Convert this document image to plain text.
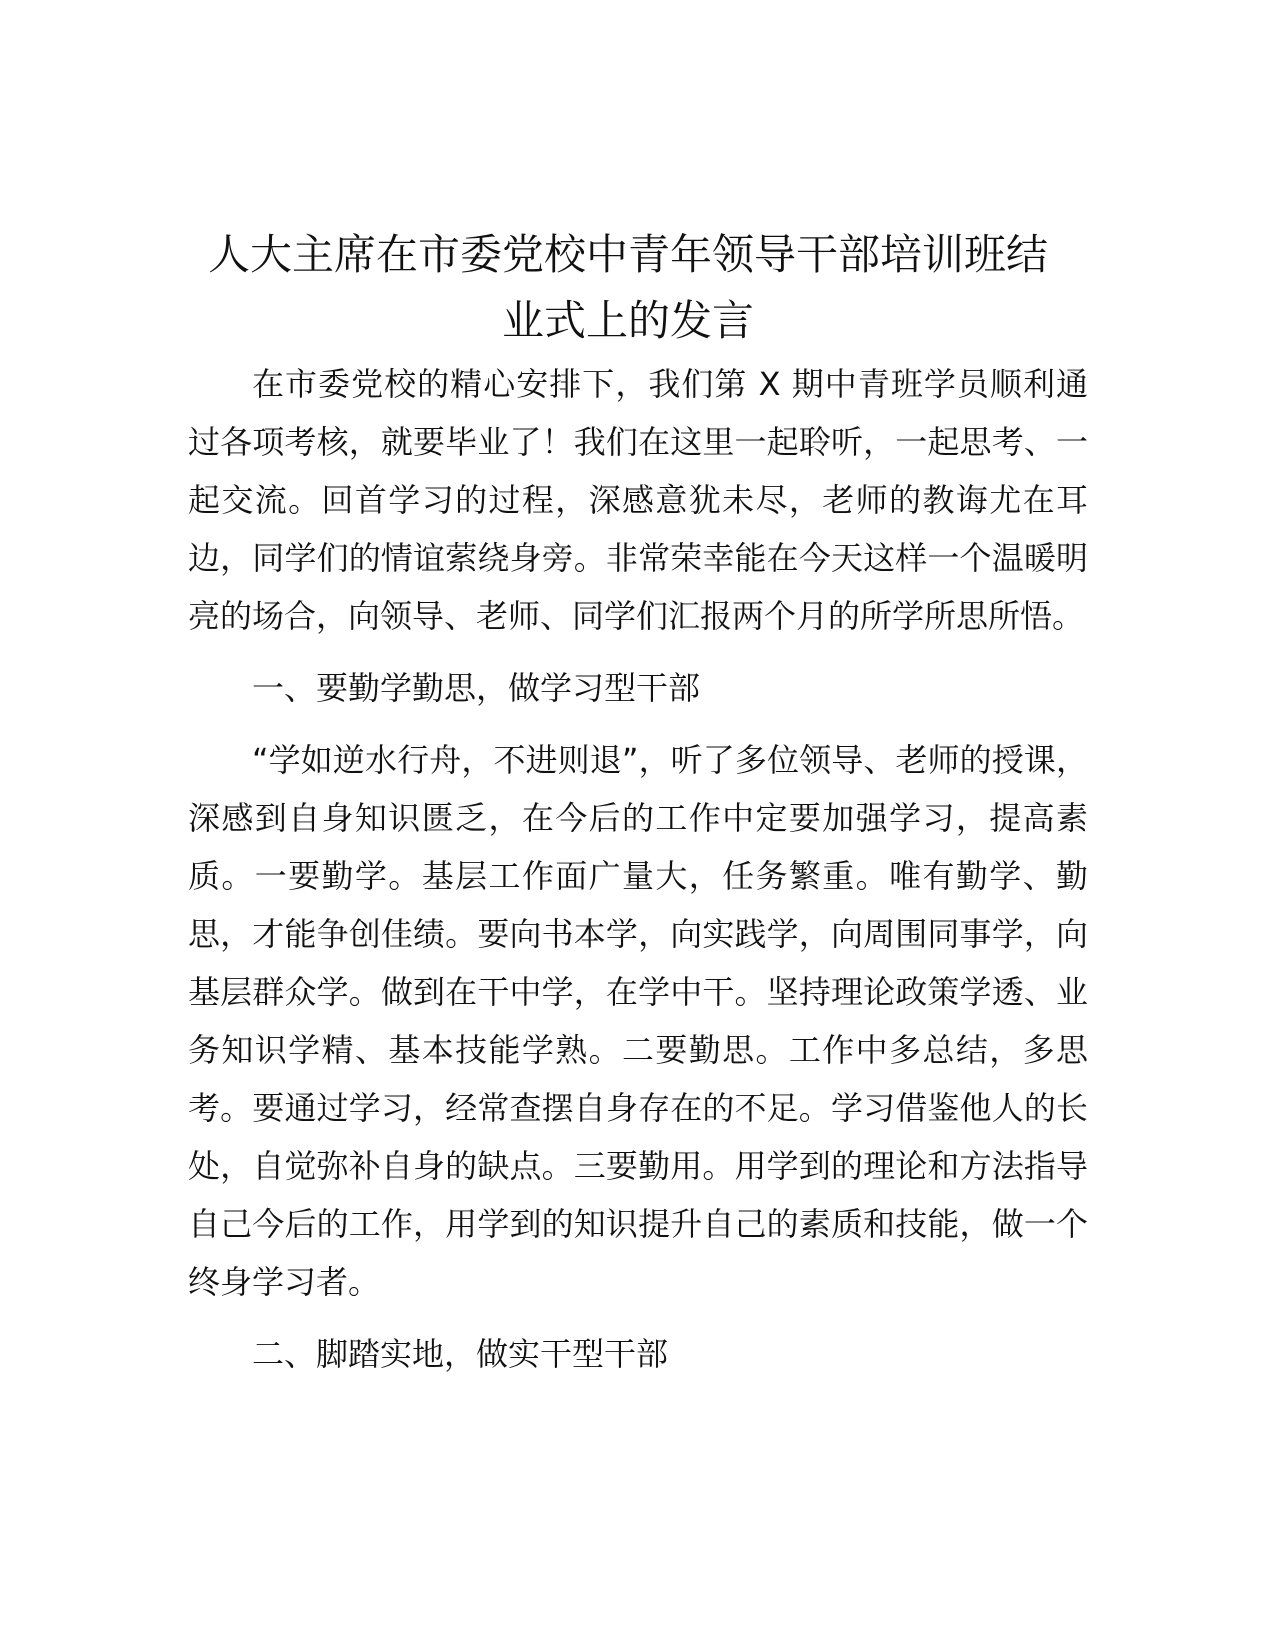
人大主席在市委党校中青年领导干部培训班结
业式上的发言

在市委党校的精心安排下，我们第 X 期中青班学员顺利通过各项考核，就要毕业了！我们在这里一起聆听，一起思考、一起交流。回首学习的过程，深感意犹未尽，老师的教诲尤在耳边，同学们的情谊萦绕身旁。非常荣幸能在今天这样一个温暖明亮的场合，向领导、老师、同学们汇报两个月的所学所思所悟。

一、要勤学勤思，做学习型干部

“学如逆水行舟，不进则退”，听了多位领导、老师的授课，深感到自身知识匮乏，在今后的工作中定要加强学习，提高素质。一要勤学。基层工作面广量大，任务繁重。唯有勤学、勤思，才能争创佳绩。要向书本学，向实践学，向周围同事学，向基层群众学。做到在干中学，在学中干。坚持理论政策学透、业务知识学精、基本技能学熟。二要勤思。工作中多总结，多思考。要通过学习，经常查摆自身存在的不足。学习借鉴他人的长处，自觉弥补自身的缺点。三要勤用。用学到的理论和方法指导自己今后的工作，用学到的知识提升自己的素质和技能，做一个终身学习者。

二、脚踏实地，做实干型干部
